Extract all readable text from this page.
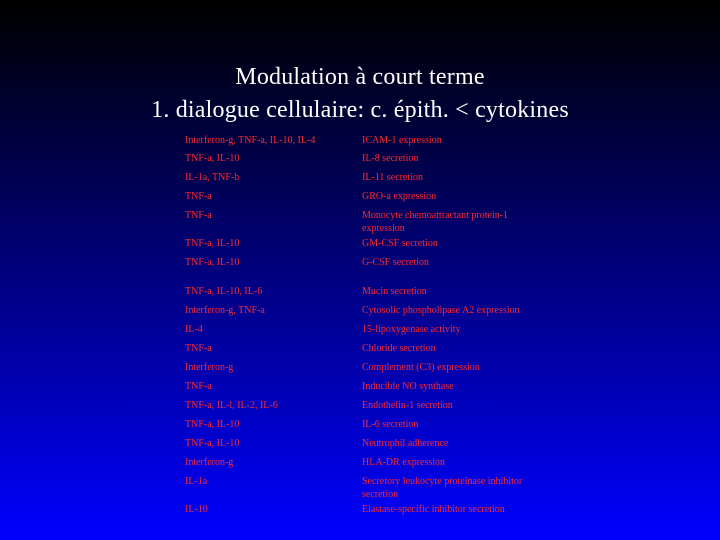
Modulation à court terme
1. dialogue cellulaire: c. épith. < cytokines
Interferon-g, TNF-a, IL-10, IL-4	ICAM-1 expression
TNF-a, IL-10	IL-8 secretion
IL-1a, TNF-b	IL-11 secretion
TNF-a	GRO-a expression
TNF-a	Monocyte chemoattractant protein-1 expression
TNF-a, IL-10	GM-CSF secretion
TNF-a, IL-10	G-CSF secretion
TNF-a, IL-10, IL-6	Mucin secretion
Interferon-g, TNF-a	Cytosolic phospholipase A2 expression
IL-4	15-lipoxygenase activity
TNF-a	Chloride secretion
Interferon-g	Complement (C3) expression
TNF-a	Inducible NO synthase
TNF-a, IL-l, IL-2, IL-6	Endothelin-1 secretion
TNF-a, IL-10	IL-6 secretion
TNF-a, IL-10	Neutrophil adherence
Interferon-g	HLA-DR expression
IL-1a	Secretory leukocyte proteinase inhibitor secretion
IL-10	Elastase-specific inhibitor secretion
